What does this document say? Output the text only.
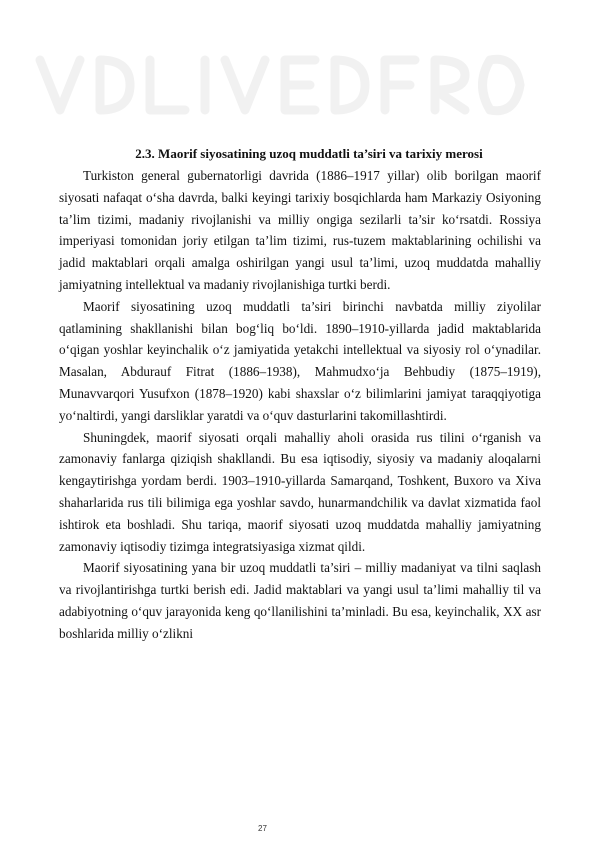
2.3. Maorif siyosatining uzoq muddatli ta’siri va tarixiy merosi

Turkiston general gubernatorligi davrida (1886–1917 yillar) olib borilgan maorif siyosati nafaqat o‘sha davrda, balki keyingi tarixiy bosqichlarda ham Markaziy Osiyoning ta’lim tizimi, madaniy rivojlanishi va milliy ongiga sezilarli ta’sir ko‘rsatdi. Rossiya imperiyasi tomonidan joriy etilgan ta’lim tizimi, rus-tuzem maktablarining ochilishi va jadid maktablari orqali amalga oshirilgan yangi usul ta’limi, uzoq muddatda mahalliy jamiyatning intellektual va madaniy rivojlanishiga turtki berdi.

Maorif siyosatining uzoq muddatli ta’siri birinchi navbatda milliy ziyolilar qatlamining shakllanishi bilan bog‘liq bo‘ldi. 1890–1910-yillarda jadid maktablarida o‘qigan yoshlar keyinchalik o‘z jamiyatida yetakchi intellektual va siyosiy rol o‘ynadilar. Masalan, Abdurauf Fitrat (1886–1938), Mahmudxo‘ja Behbudiy (1875–1919), Munavvarqori Yusufxon (1878–1920) kabi shaxslar o‘z bilimlarini jamiyat taraqqiyotiga yo‘naltirdi, yangi darsliklar yaratdi va o‘quv dasturlarini takomillashtirdi.

Shuningdek, maorif siyosati orqali mahalliy aholi orasida rus tilini o‘rganish va zamonaviy fanlarga qiziqish shakllandi. Bu esa iqtisodiy, siyosiy va madaniy aloqalarni kengaytirishga yordam berdi. 1903–1910-yillarda Samarqand, Toshkent, Buxoro va Xiva shaharlarida rus tili bilimiga ega yoshlar savdo, hunarmandchilik va davlat xizmatida faol ishtirok eta boshladi. Shu tariqa, maorif siyosati uzoq muddatda mahalliy jamiyatning zamonaviy iqtisodiy tizimga integratsiyasiga xizmat qildi.

Maorif siyosatining yana bir uzoq muddatli ta’siri – milliy madaniyat va tilni saqlash va rivojlantirishga turtki berish edi. Jadid maktablari va yangi usul ta’limi mahalliy til va adabiyotning o‘quv jarayonida keng qo‘llanilishini ta’minladi. Bu esa, keyinchalik, XX asr boshlarida milliy o‘zlikni

27
